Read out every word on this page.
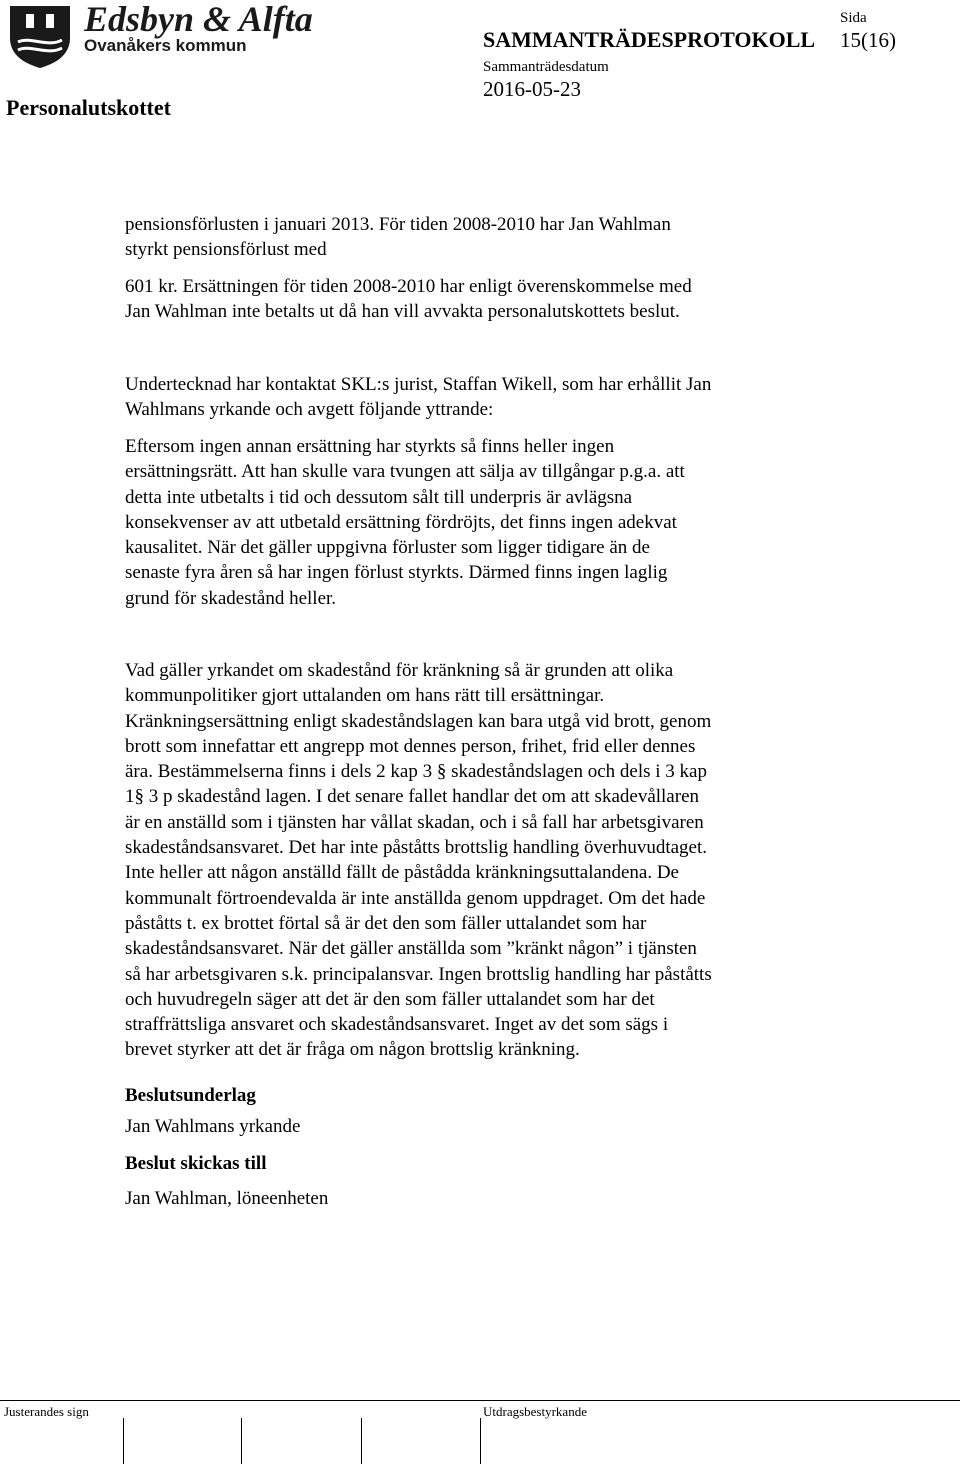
Edsbyn & Alfta
Ovanåkers kommun
Personalutskottet
SAMMANTRÄDESPROTOKOLL
Sida
15(16)
Sammanträdesdatum
2016-05-23
pensionsförlusten i januari 2013. För tiden 2008-2010 har Jan Wahlman
styrkt pensionsförlust med
601 kr. Ersättningen för tiden 2008-2010 har enligt överenskommelse med
Jan Wahlman inte betalts ut då han vill avvakta personalutskottets beslut.
Undertecknad har kontaktat SKL:s jurist, Staffan Wikell, som har erhållit Jan
Wahlmans yrkande och avgett följande yttrande:
Eftersom ingen annan ersättning har styrkts så finns heller ingen
ersättningsrätt. Att han skulle vara tvungen att sälja av tillgångar p.g.a. att
detta inte utbetalts i tid och dessutom sålt till underpris är avlägsna
konsekvenser av att utbetald ersättning fördröjts, det finns ingen adekvat
kausalitet. När det gäller uppgivna förluster som ligger tidigare än de
senaste fyra åren så har ingen förlust styrkts. Därmed finns ingen laglig
grund för skadestånd heller.
Vad gäller yrkandet om skadestånd för kränkning så är grunden att olika
kommunpolitiker gjort uttalanden om hans rätt till ersättningar.
Kränkningsersättning enligt skadeståndslagen kan bara utgå vid brott, genom
brott som innefattar ett angrepp mot dennes person, frihet, frid eller dennes
ära. Bestämmelserna finns i dels 2 kap 3 § skadeståndslagen och dels i 3 kap
1§ 3 p skadestånd lagen. I det senare fallet handlar det om att skadevållaren
är en anställd som i tjänsten har vållat skadan, och i så fall har arbetsgivaren
skadeståndsansvaret. Det har inte påståtts brottslig handling överhuvudtaget.
Inte heller att någon anställd fällt de påstådda kränkningsuttalandena. De
kommunalt förtroendevalda är inte anställda genom uppdraget. Om det hade
påståtts t. ex brottet förtal så är det den som fäller uttalandet som har
skadeståndsansvaret. När det gäller anställda som ”kränkt någon” i tjänsten
så har arbetsgivaren s.k. principalansvar. Ingen brottslig handling har påståtts
och huvudregeln säger att det är den som fäller uttalandet som har det
straffrättsliga ansvaret och skadeståndsansvaret. Inget av det som sägs i
brevet styrker att det är fråga om någon brottslig kränkning.
Beslutsunderlag
Jan Wahlmans yrkande
Beslut skickas till
Jan Wahlman, löneenheten
Justerandes sign	Utdragsbestyrkande
